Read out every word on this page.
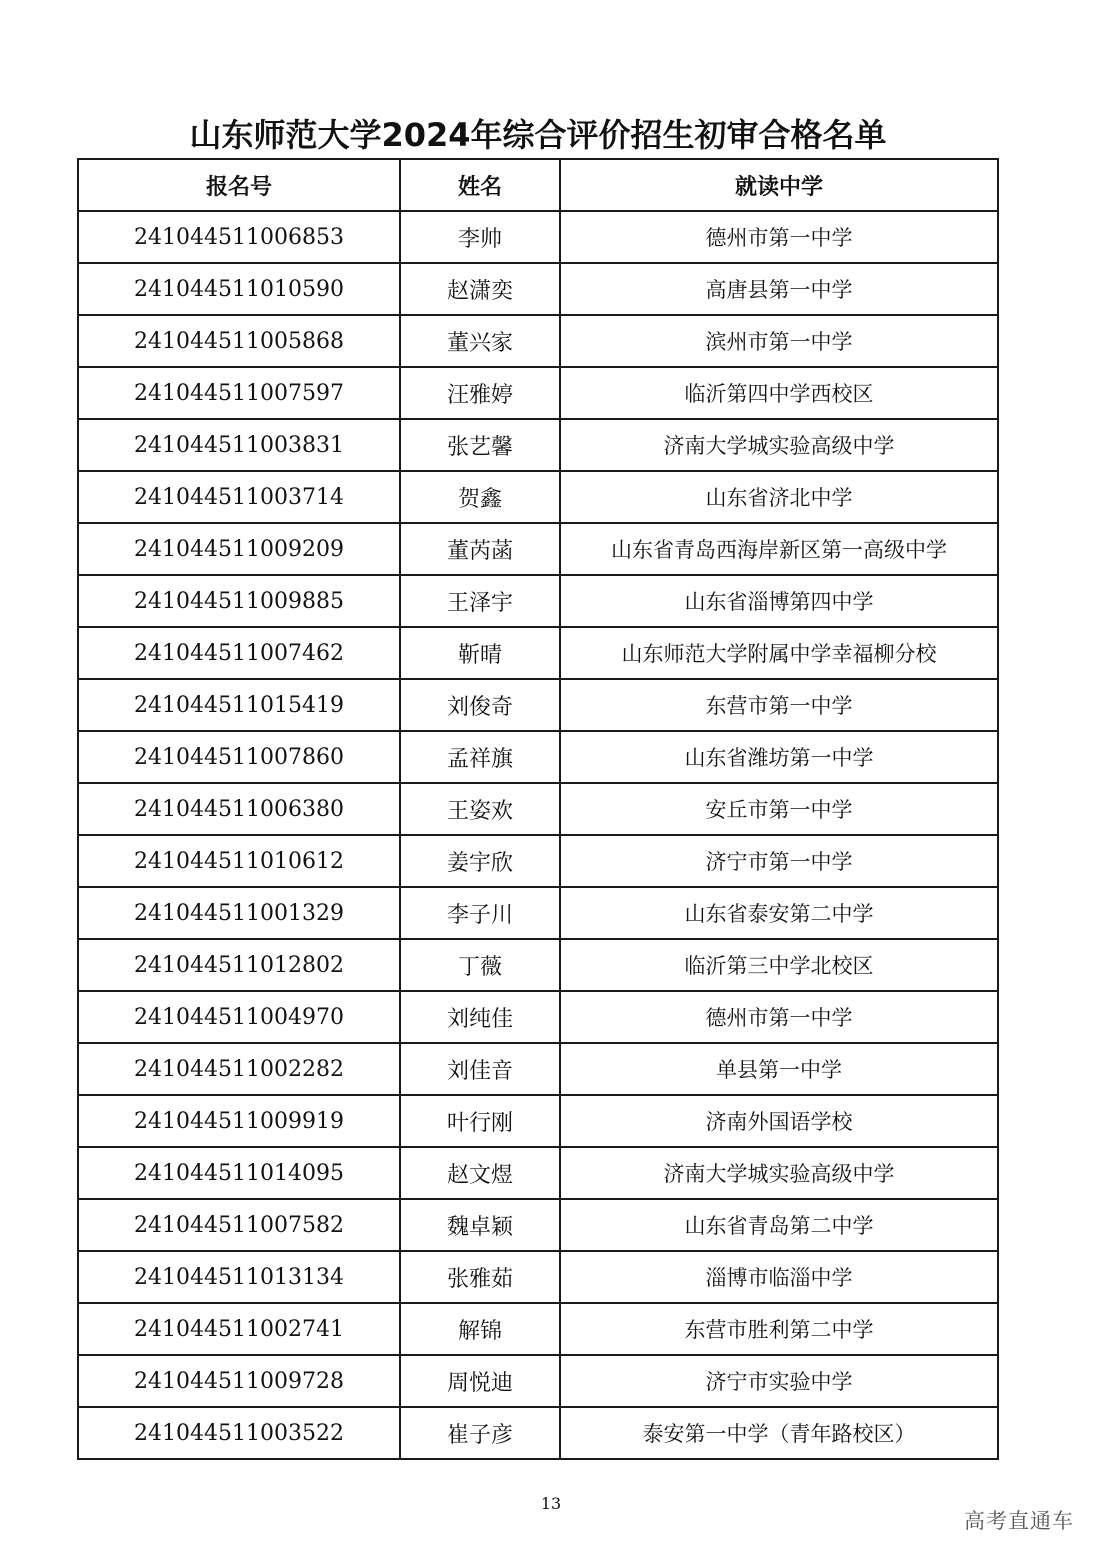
山东师范大学2024年综合评价招生初审合格名单
报名号	姓名	就读中学
241044511006853	李帅	德州市第一中学
241044511010590	赵潇奕	高唐县第一中学
241044511005868	董兴家	滨州市第一中学
241044511007597	汪雅婷	临沂第四中学西校区
241044511003831	张艺馨	济南大学城实验高级中学
241044511003714	贺鑫	山东省济北中学
241044511009209	董芮菡	山东省青岛西海岸新区第一高级中学
241044511009885	王泽宇	山东省淄博第四中学
241044511007462	靳晴	山东师范大学附属中学幸福柳分校
241044511015419	刘俊奇	东营市第一中学
241044511007860	孟祥旗	山东省潍坊第一中学
241044511006380	王姿欢	安丘市第一中学
241044511010612	姜宇欣	济宁市第一中学
241044511001329	李子川	山东省泰安第二中学
241044511012802	丁薇	临沂第三中学北校区
241044511004970	刘纯佳	德州市第一中学
241044511002282	刘佳音	单县第一中学
241044511009919	叶行刚	济南外国语学校
241044511014095	赵文煜	济南大学城实验高级中学
241044511007582	魏卓颖	山东省青岛第二中学
241044511013134	张雅茹	淄博市临淄中学
241044511002741	解锦	东营市胜利第二中学
241044511009728	周悦迪	济宁市实验中学
241044511003522	崔子彦	泰安第一中学（青年路校区）
13
高考直通车
